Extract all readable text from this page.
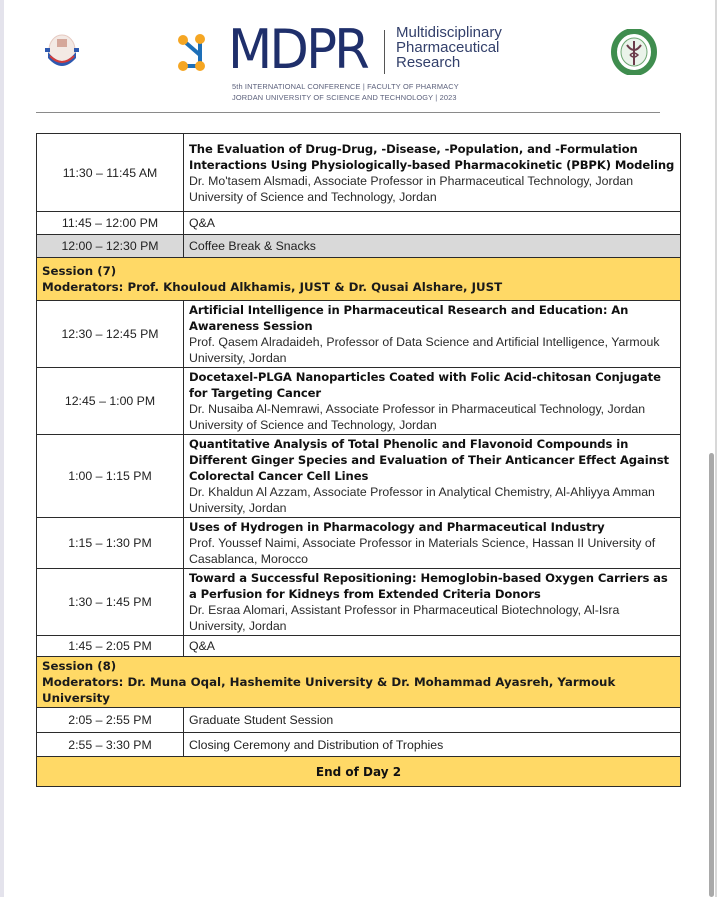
MDPR Multidisciplinary
Pharmaceutical
Research
5th INTERNATIONAL CONFERENCE | FACULTY OF PHARMACY
JORDAN UNIVERSITY OF SCIENCE AND TECHNOLOGY | 2023
11:30 – 11:45 AM	The Evaluation of Drug-Drug, -Disease, -Population, and -Formulation Interactions Using Physiologically-based Pharmacokinetic (PBPK) Modeling
Dr. Mo'tasem Alsmadi, Associate Professor in Pharmaceutical Technology, Jordan University of Science and Technology, Jordan

11:45 – 12:00 PM	Q&A
12:00 – 12:30 PM	Coffee Break & Snacks

Session (7)
Moderators: Prof. Khouloud Alkhamis, JUST & Dr. Qusai Alshare, JUST	

12:30 – 12:45 PM	Artificial Intelligence in Pharmaceutical Research and Education: An Awareness Session
Prof. Qasem Alradaideh, Professor of Data Science and Artificial Intelligence, Yarmouk University, Jordan

12:45 – 1:00 PM	Docetaxel-PLGA Nanoparticles Coated with Folic Acid-chitosan Conjugate for Targeting Cancer
Dr. Nusaiba Al-Nemrawi, Associate Professor in Pharmaceutical Technology, Jordan University of Science and Technology, Jordan

1:00 – 1:15 PM	Quantitative Analysis of Total Phenolic and Flavonoid Compounds in Different Ginger Species and Evaluation of Their Anticancer Effect Against Colorectal Cancer Cell Lines
Dr. Khaldun Al Azzam, Associate Professor in Analytical Chemistry, Al-Ahliyya Amman University, Jordan

1:15 – 1:30 PM	Uses of Hydrogen in Pharmacology and Pharmaceutical Industry
Prof. Youssef Naimi, Associate Professor in Materials Science, Hassan II University of Casablanca, Morocco

1:30 – 1:45 PM	Toward a Successful Repositioning: Hemoglobin-based Oxygen Carriers as a Perfusion for Kidneys from Extended Criteria Donors
Dr. Esraa Alomari, Assistant Professor in Pharmaceutical Biotechnology, Al-Isra University, Jordan

1:45 – 2:05 PM	Q&A

Session (8)
Moderators: Dr. Muna Oqal, Hashemite University & Dr. Mohammad Ayasreh, Yarmouk University	

2:05 – 2:55 PM	Graduate Student Session
2:55 – 3:30 PM	Closing Ceremony and Distribution of Trophies
End of Day 2	
